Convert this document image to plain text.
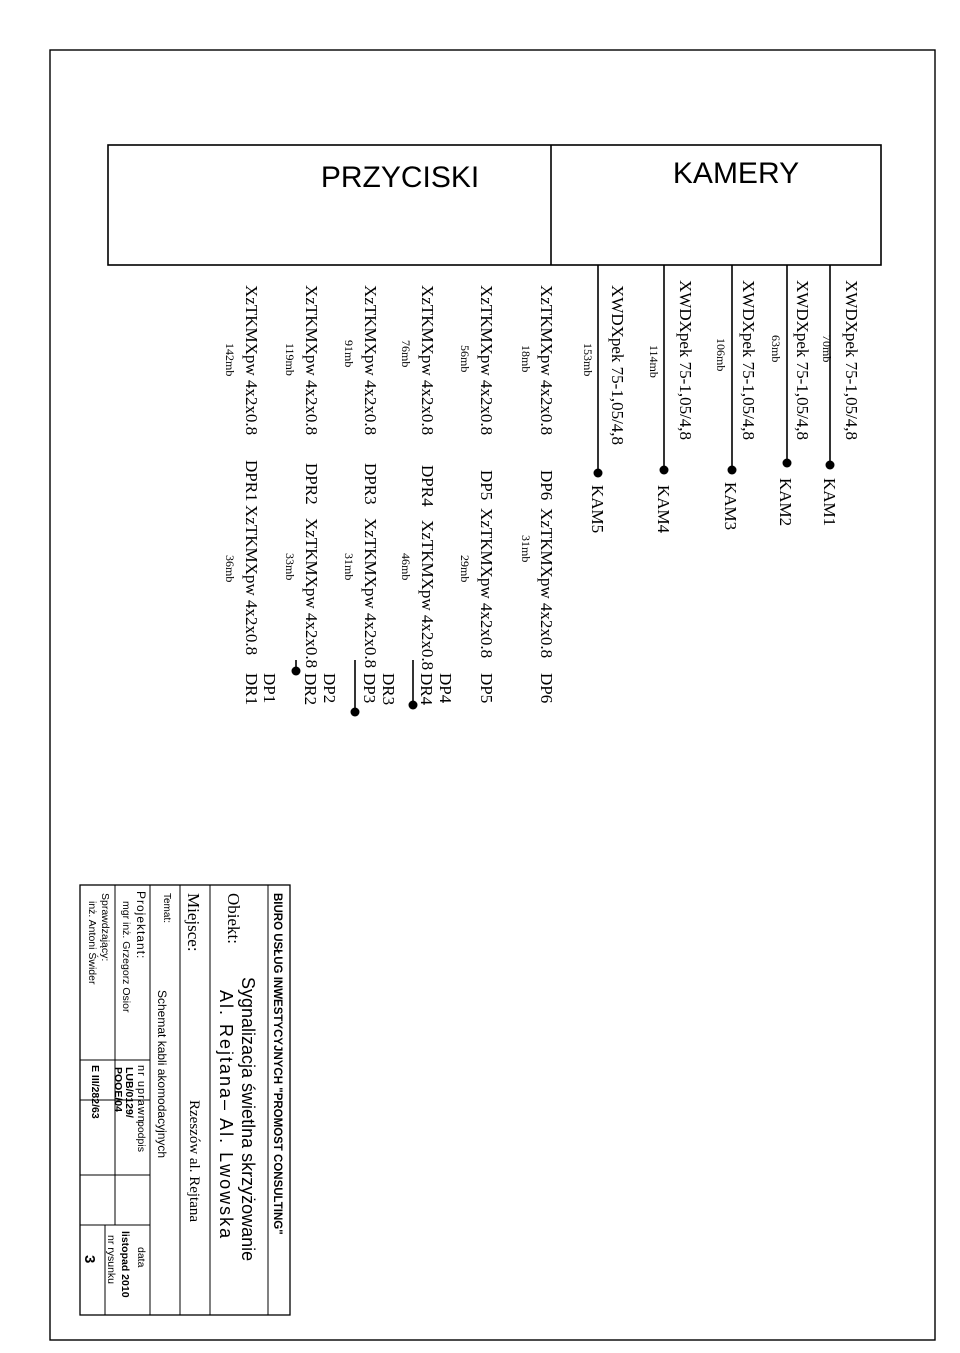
PRZYCISKI	KAMERY
XWDXpek 75-1,05/4,8
70mb
KAM1
XWDXpek 75-1,05/4,8
63mb
KAM2
XWDXpek 75-1,05/4,8
106mb
KAM3
XWDXpek 75-1,05/4,8
114mb
KAM4
XWDXpek 75-1,05/4,8
153mb
KAM5
XzTKMXpw 4x2x0.8
18mb
DP6
XzTKMXpw 4x2x0.8
31mb
DP6
XzTKMXpw 4x2x0.8
DP5
XzTKMXpw 4x2x0.8
29mb
DP5
56mb
XzTKMXpw 4x2x0.8
DPR4
XzTKMXpw 4x2x0.8
46mb
DP4
DR4
76mb
XzTKMXpw 4x2x0.8
DPR3
XzTKMXpw 4x2x0.8
31mb
DR3
DP3
91mb
XzTKMXpw 4x2x0.8
DPR2
XzTKMXpw 4x2x0.8
33mb
DP2
DR2
119mb
XzTKMXpw 4x2x0.8
DPR1
XzTKMXpw 4x2x0.8
36mb
DP1
DR1
142mb
BIURO USŁUG INWESTYCYJNYCH "PROMOST CONSULTING"
Obiekt:
Sygnalizacja świetlna skrzyżowanie
Al. Rejtana– Al. Lwowska
Miejsce:
Rzeszów al. Rejtana
Temat:
Schemat kabli akomodacyjnych
Projektant:
mgr inż. Grzegorz Osior
Sprawdzający:
inż. Antoni Świder
nr uprawn.
LUB/0129/
POOE/04
E III/282/63
podpis
data
listopad 2010
nr rysunku
3
